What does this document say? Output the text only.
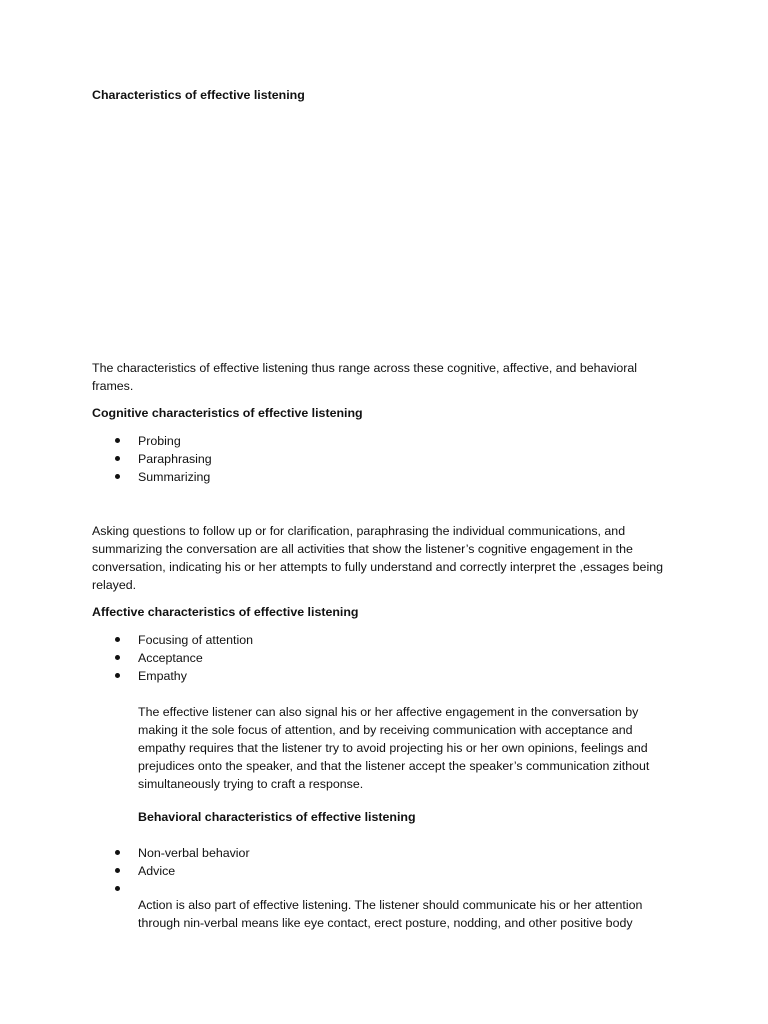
Characteristics of effective listening
The characteristics of effective listening thus range across these cognitive, affective, and behavioral frames.
Cognitive characteristics of effective listening
Probing
Paraphrasing
Summarizing
Asking questions to follow up or for clarification, paraphrasing the individual communications, and summarizing the conversation are all activities that show the listener’s cognitive engagement in the conversation, indicating his or her attempts to fully understand and correctly interpret the ,essages being relayed.
Affective characteristics of effective listening
Focusing of attention
Acceptance
Empathy
The effective listener can also signal his or her affective engagement in the conversation by making it the sole focus of attention, and by receiving communication with acceptance and empathy requires that the listener try to avoid projecting his or her own opinions, feelings and prejudices onto the speaker, and that the listener accept the speaker’s communication zithout simultaneously trying to craft a response.
Behavioral characteristics of effective listening
Non-verbal behavior
Advice
Action is also part of effective listening. The listener should communicate his or her attention through nin-verbal means like eye contact, erect posture, nodding, and other positive body
